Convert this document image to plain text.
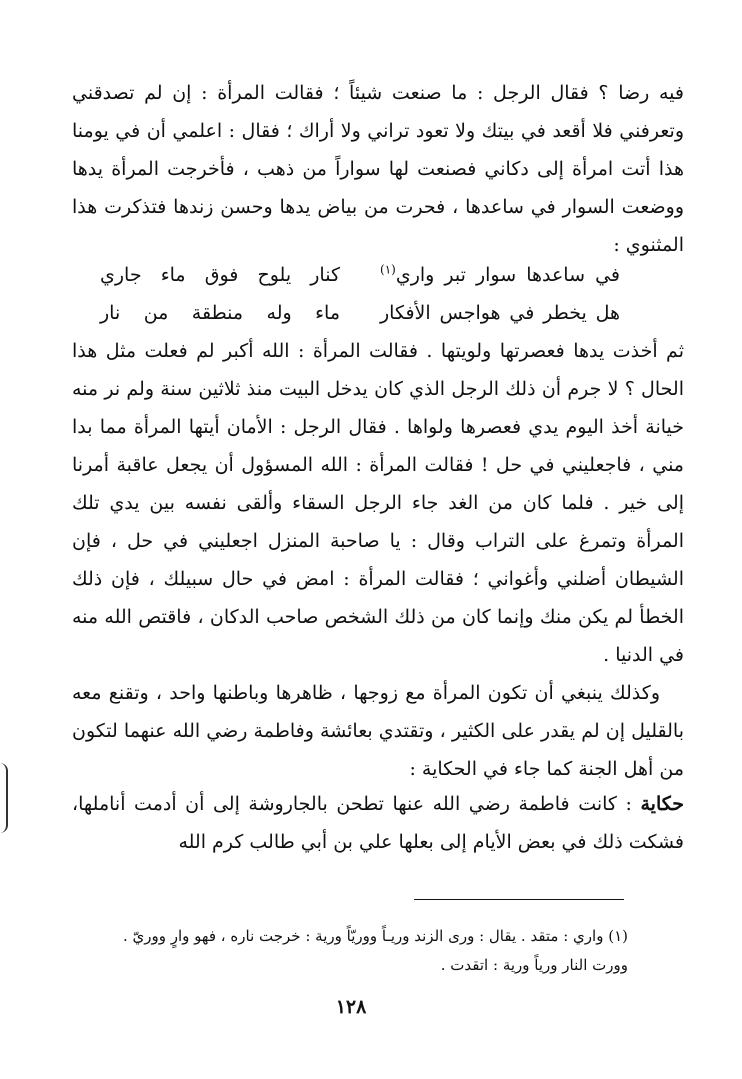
فيه رضا ؟ فقال الرجل : ما صنعت شيئاً ؛ فقالت المرأة : إن لم تصدقني وتعرفني فلا أقعد في بيتك ولا تعود تراني ولا أراك ؛ فقال : اعلمي أن في يومنا هذا أتت امرأة إلى دكاني فصنعت لها سواراً من ذهب ، فأخرجت المرأة يدها ووضعت السوار في ساعدها ، فحرت من بياض يدها وحسن زندها فتذكرت هذا المثنوي :
في ساعدها سوار تبر واري$^{(١)}$
كنار يلوح فوق ماء جاري
هل يخطر في هواجس الأفكار
ماء وله منطقة من نار
ثم أخذت يدها فعصرتها ولويتها . فقالت المرأة : الله أكبر لم فعلت مثل هذا الحال ؟ لا جرم أن ذلك الرجل الذي كان يدخل البيت منذ ثلاثين سنة ولم نر منه خيانة أخذ اليوم يدي فعصرها ولواها . فقال الرجل : الأمان أيتها المرأة مما بدا مني ، فاجعليني في حل ! فقالت المرأة : الله المسؤول أن يجعل عاقبة أمرنا إلى خير . فلما كان من الغد جاء الرجل السقاء وألقى نفسه بين يدي تلك المرأة وتمرغ على التراب وقال : يا صاحبة المنزل اجعليني في حل ، فإن الشيطان أضلني وأغواني ؛ فقالت المرأة : امض في حال سبيلك ، فإن ذلك الخطأ لم يكن منك وإنما كان من ذلك الشخص صاحب الدكان ، فاقتص الله منه في الدنيا .
وكذلك ينبغي أن تكون المرأة مع زوجها ، ظاهرها وباطنها واحد ، وتقنع معه بالقليل إن لم يقدر على الكثير ، وتقتدي بعائشة وفاطمة رضي الله عنهما لتكون من أهل الجنة كما جاء في الحكاية :
حكاية : كانت فاطمة رضي الله عنها تطحن بالجاروشة إلى أن أدمت أناملها، فشكت ذلك في بعض الأيام إلى بعلها علي بن أبي طالب كرم الله
(١) واري : متقد . يقال : ورى الزند وريـاً ووريّاً ورية : خرجت ناره ، فهو وارٍ ووريّ .
وورت النار ورياً ورية : اتقدت .
١٢٨
